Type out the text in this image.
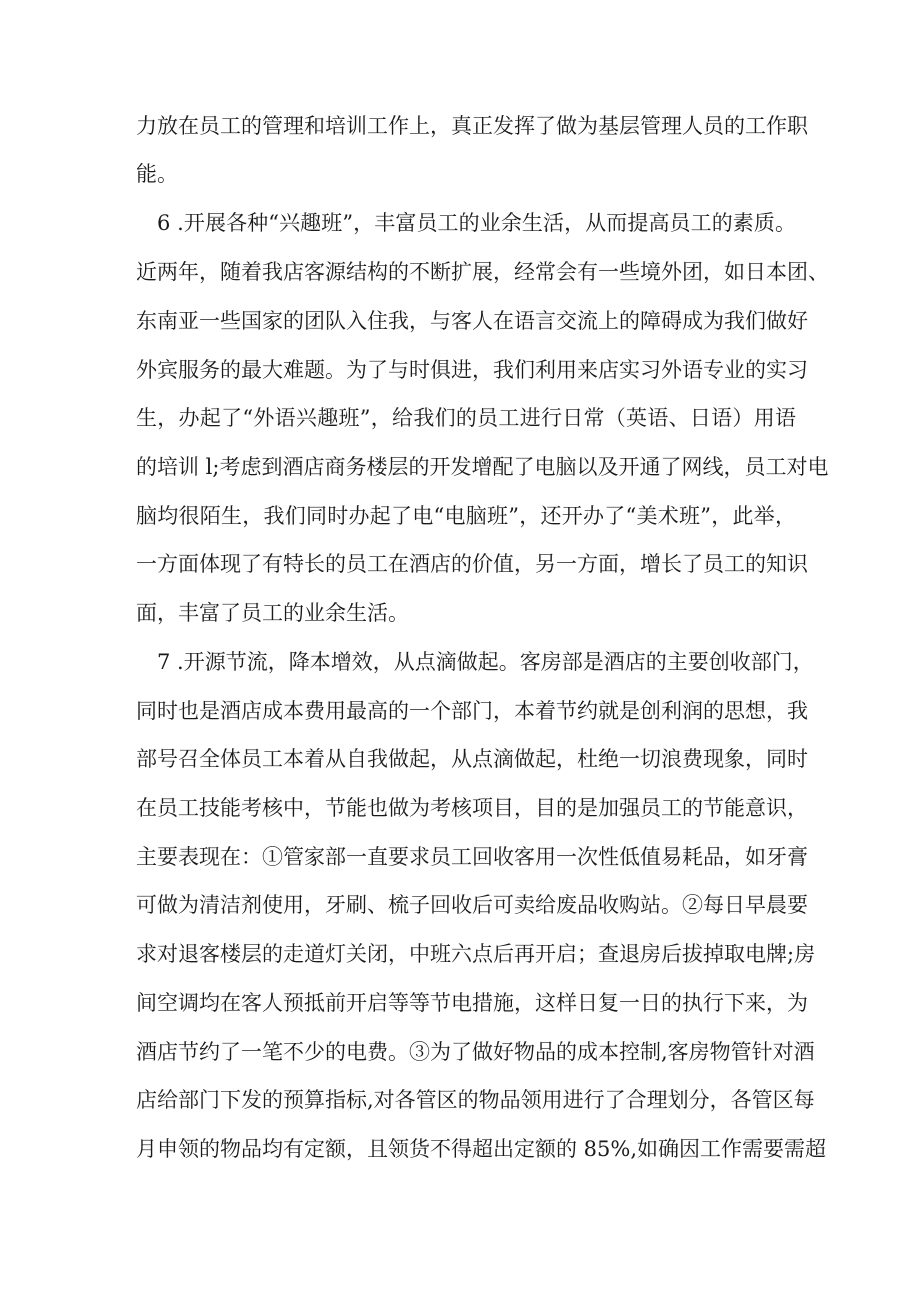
力放在员工的管理和培训工作上，真正发挥了做为基层管理人员的工作职
能。
6 .开展各种“兴趣班”，丰富员工的业余生活，从而提高员工的素质。
近两年，随着我店客源结构的不断扩展，经常会有一些境外团，如日本团、
东南亚一些国家的团队入住我，与客人在语言交流上的障碍成为我们做好
外宾服务的最大难题。为了与时俱进，我们利用来店实习外语专业的实习
生，办起了“外语兴趣班”，给我们的员工进行日常（英语、日语）用语
的培训 l;考虑到酒店商务楼层的开发增配了电脑以及开通了网线，员工对电
脑均很陌生，我们同时办起了电“电脑班”，还开办了“美术班”，此举，
一方面体现了有特长的员工在酒店的价值，另一方面，增长了员工的知识
面，丰富了员工的业余生活。
7 .开源节流，降本增效，从点滴做起。客房部是酒店的主要创收部门，
同时也是酒店成本费用最高的一个部门，本着节约就是创利润的思想，我
部号召全体员工本着从自我做起，从点滴做起，杜绝一切浪费现象，同时
在员工技能考核中，节能也做为考核项目，目的是加强员工的节能意识，
主要表现在：①管家部一直要求员工回收客用一次性低值易耗品，如牙膏
可做为清洁剂使用，牙刷、梳子回收后可卖给废品收购站。②每日早晨要
求对退客楼层的走道灯关闭，中班六点后再开启；查退房后拔掉取电牌;房
间空调均在客人预抵前开启等等节电措施，这样日复一日的执行下来，为
酒店节约了一笔不少的电费。③为了做好物品的成本控制,客房物管针对酒
店给部门下发的预算指标,对各管区的物品领用进行了合理划分，各管区每
月申领的物品均有定额，且领货不得超出定额的 85%,如确因工作需要需超
